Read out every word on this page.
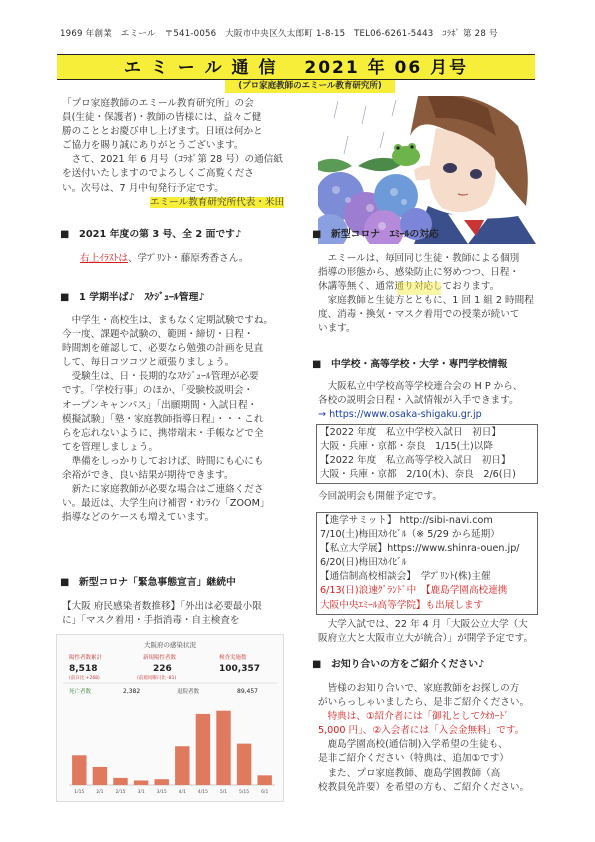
1969 年創業　エミール　〒541-0056　大阪市中央区久太郎町 1-8-15　TEL06-6261-5443　ｺﾗﾎﾞ 第 28 号
エ ミ ー ル 通 信　 2021 年 06 月号
(プロ家庭教師のエミール教育研究所)
「プロ家庭教師のエミール教育研究所」の会
員(生徒・保護者)・教師の皆様には、益々ご健
勝のこととお慶び申し上げます。日頃は何かと
ご協力を賜り誠にありがとうございます。
　さて、2021 年 6 月号（ｺﾗﾎﾞ第 28 号）の通信紙
を送付いたしますのでよろしくご高覧くださ
い。次号は、7 月中旬発行予定です。
エミール教育研究所代表・米田
■　2021 年度の第 3 号、全 2 面です♪
右上ｲﾗｽﾄは、学ﾌﾟﾘﾝﾄ・藤原秀香さん。
■　1 学期半ば♪　ｽｹｼﾞｭｰﾙ管理♪
　中学生・高校生は、まもなく定期試験ですね。
今一度、課題や試験の、範囲・締切・日程・
時間割を確認して、必要なら勉強の計画を見直
して、毎日コツコツと頑張りましょう。
　受験生は、日・長期的なｽｹｼﾞｭｰﾙ管理が必要
です。「学校行事」のほか、「受験校説明会・
オープンキャンパス」「出願期間・入試日程・
模擬試験」「塾・家庭教師指導日程」・・・これ
らを忘れないように、携帯端末・手帳などで全
てを管理しましょう。
　準備をしっかりしておけば、時間にも心にも
余裕ができ、良い結果が期待できます。
　新たに家庭教師が必要な場合はご連絡くださ
い。最近は、大学生向け補習・ｵﾝﾗｲﾝ「ZOOM」
指導などのケースも増えています。
■　新型コロナ「緊急事態宣言」継続中
【大阪 府民感染者数推移】「外出は必要最小限
に」「マスク着用・手指消毒・自主検査を
大阪府の感染状況
陽性者数累計
8,518
(前日比 +268)
新規陽性者数
226
(前週同曜日比 -81)
検査実施数
100,357
死亡者数	2,382	退院者数	89,457
1/15	2/1	2/15	3/1	3/15	4/1	4/15	5/1	5/15	6/1
■　新型コロナ　ｴﾐｰﾙの対応
　エミールは、毎回同じ生徒・教師による個別
指導の形態から、感染防止に努めつつ、日程・
休講等無く、通常通り対応しております。
　家庭教師と生徒方とともに、1 回 1 組 2 時間程
度、消毒・換気・マスク着用での授業が続いて
います。
■　中学校・高等学校・大学・専門学校情報
　大阪私立中学校高等学校連合会の H P から、
各校の説明会日程・入試情報が入手できます。
→ https://www.osaka-shigaku.gr.jp
【2022 年度　私立中学校入試日　初日】
大阪・兵庫・京都・奈良　1/15(土)以降
【2022 年度　私立高等学校入試日　初日】
大阪・兵庫・京都　2/10(木)、奈良　2/6(日)
今回説明会も開催予定です。
【進学サミット】 http://sibi-navi.com
7/10(土)梅田ｽｶｲﾋﾞﾙ（※ 5/29 から延期）
【私立大学展】https://www.shinra-ouen.jp/
6/20(日)梅田ｽｶｲﾋﾞﾙ
【通信制高校相談会】　学ﾌﾟﾘﾝﾄ(株)主催
6/13(日)浪速ｸﾞﾗﾝﾄﾞ中　【鹿島学園高校連携
大阪中央ｴﾐｰﾙ高等学院】も出展します
　大学入試では、22 年 4 月「大阪公立大学（大
阪府立大と大阪市立大が統合）」が開学予定です。
■　お知り合いの方をご紹介ください♪
　皆様のお知り合いで、家庭教師をお探しの方
がいらっしゃいましたら、是非ご紹介ください。
　特典は、①紹介者には「御礼としてｸｵｶｰﾄﾞ
5,000 円」、②入会者には「入会金無料」です。
　鹿島学園高校(通信制)入学希望の生徒も、
是非ご紹介ください（特典は、追加①です）
　また、プロ家庭教師、鹿島学園教師（高
校教員免許要）を希望の方も、ご紹介ください。
